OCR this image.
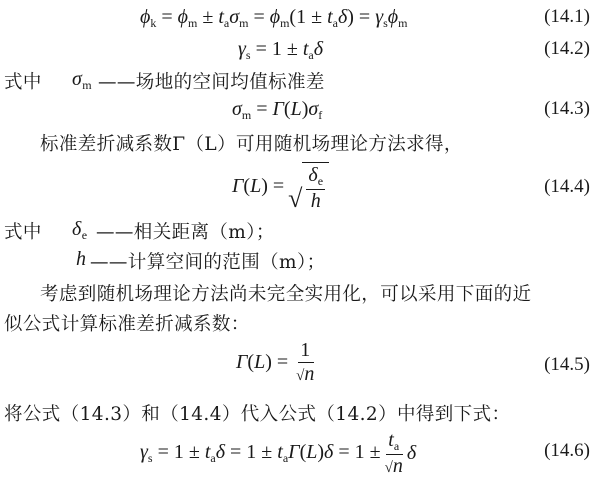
$\phi_k = \phi_m \pm t_a\sigma_m = \phi_m(1 \pm t_a\delta) = \gamma_s\phi_m$	(14.1)
$\gamma_s = 1 \pm t_a\delta$	(14.2)
式中 $\sigma_m$ ——场地的空间均值标准差
$\sigma_m = \Gamma(L)\sigma_f$	(14.3)
标准差折减系数Γ（L）可用随机场理论方法求得，
Γ(L) = √ $\frac{\delta_e}{h}$	(14.4)
式中 $\delta_e$ ——相关距离（m）；
h ——计算空间的范围（m）；
考虑到随机场理论方法尚未完全实用化，可以采用下面的近
似公式计算标准差折减系数：
$\Gamma(L) = \frac{1}{√n}$	(14.5)
将公式（14.3）和（14.4）代入公式（14.2）中得到下式：
$\gamma_s = 1 \pm t_a\delta = 1 \pm t_a\Gamma(L)\delta = 1 \pm \frac{t_a}{√n}$ δ	(14.6)
